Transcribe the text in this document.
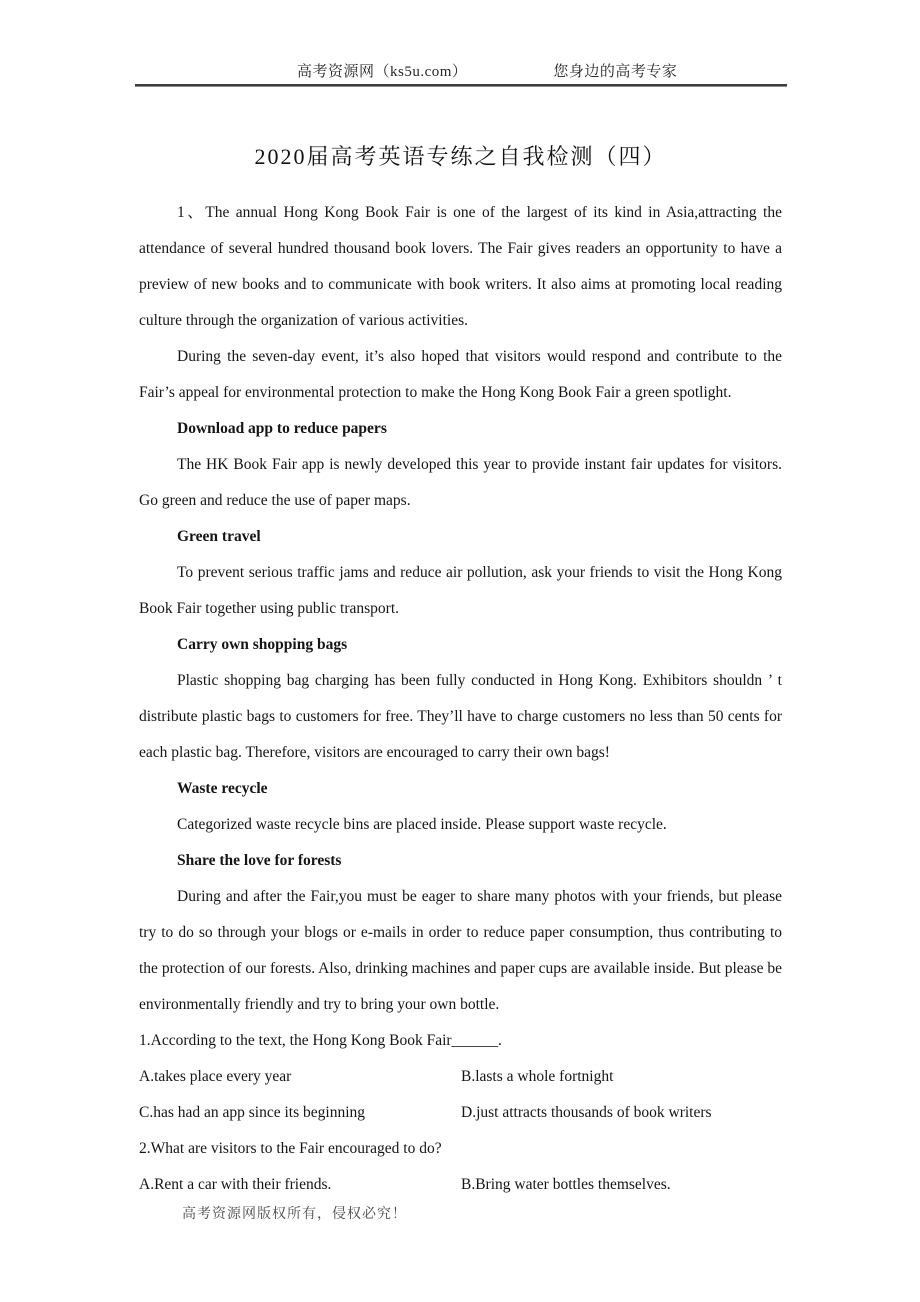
高考资源网（ks5u.com）	您身边的高考专家
2020届高考英语专练之自我检测（四）

1、The annual Hong Kong Book Fair is one of the largest of its kind in Asia,attracting the attendance of several hundred thousand book lovers. The Fair gives readers an opportunity to have a preview of new books and to communicate with book writers. It also aims at promoting local reading culture through the organization of various activities.

During the seven-day event, it’s also hoped that visitors would respond and contribute to the Fair’s appeal for environmental protection to make the Hong Kong Book Fair a green spotlight.

Download app to reduce papers

The HK Book Fair app is newly developed this year to provide instant fair updates for visitors. Go green and reduce the use of paper maps.

Green travel

To prevent serious traffic jams and reduce air pollution, ask your friends to visit the Hong Kong Book Fair together using public transport.

Carry own shopping bags

Plastic shopping bag charging has been fully conducted in Hong Kong. Exhibitors shouldn ’ t distribute plastic bags to customers for free. They’ll have to charge customers no less than 50 cents for each plastic bag. Therefore, visitors are encouraged to carry their own bags!

Waste recycle

Categorized waste recycle bins are placed inside. Please support waste recycle.

Share the love for forests

During and after the Fair,you must be eager to share many photos with your friends, but please try to do so through your blogs or e-mails in order to reduce paper consumption, thus contributing to the protection of our forests. Also, drinking machines and paper cups are available inside. But please be environmentally friendly and try to bring your own bottle.

1.According to the text, the Hong Kong Book Fair______.
A.takes place every year	B.lasts a whole fortnight
C.has had an app since its beginning	D.just attracts thousands of book writers
2.What are visitors to the Fair encouraged to do?
A.Rent a car with their friends.	B.Bring water bottles themselves.
高考资源网版权所有，侵权必究！
